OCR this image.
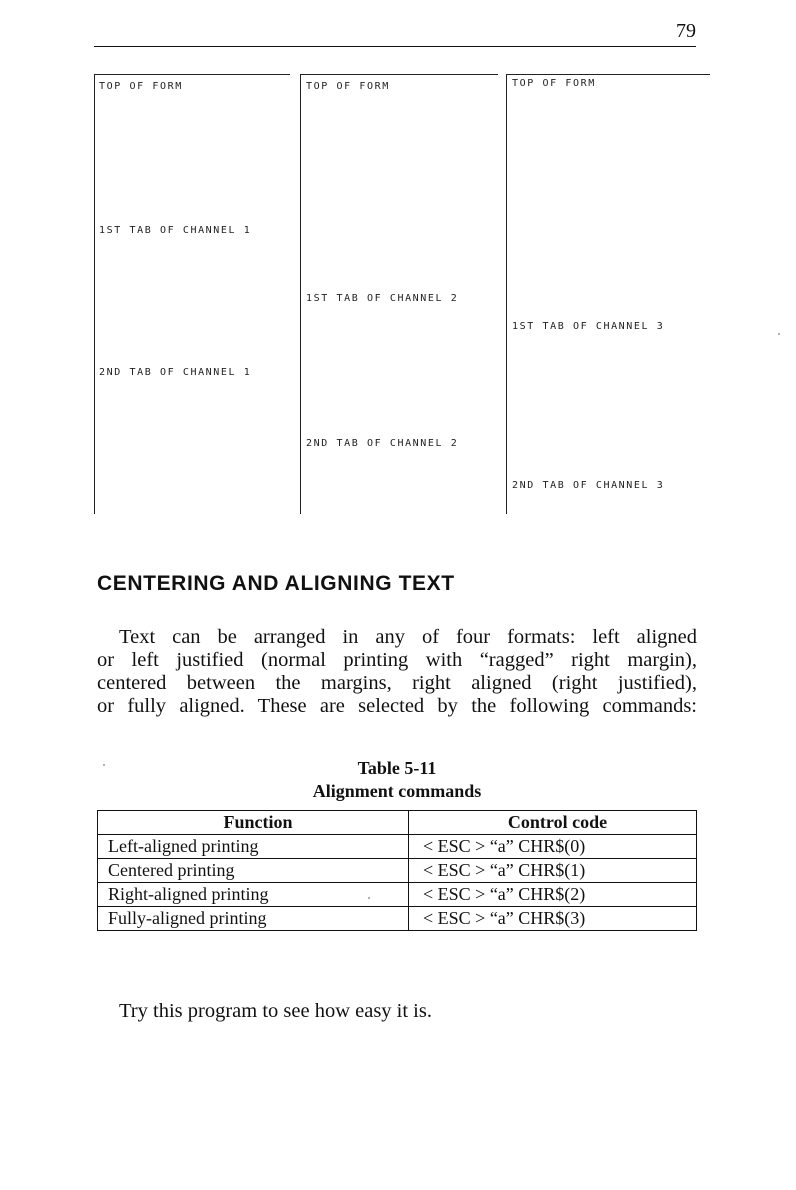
79
TOP OF FORM
1ST TAB OF CHANNEL 1
2ND TAB OF CHANNEL 1
TOP OF FORM
1ST TAB OF CHANNEL 2
2ND TAB OF CHANNEL 2
TOP OF FORM
1ST TAB OF CHANNEL 3
2ND TAB OF CHANNEL 3
CENTERING AND ALIGNING TEXT

Text can be arranged in any of four formats: left aligned
or left justified (normal printing with “ragged” right margin),
centered between the margins, right aligned (right justified),
or fully aligned. These are selected by the following commands:

Table 5-11
Alignment commands
Function	Control code
Left-aligned printing	< ESC > “a” CHR$(0)
Centered printing	< ESC > “a” CHR$(1)
Right-aligned printing	< ESC > “a” CHR$(2)
Fully-aligned printing	< ESC > “a” CHR$(3)

Try this program to see how easy it is.
